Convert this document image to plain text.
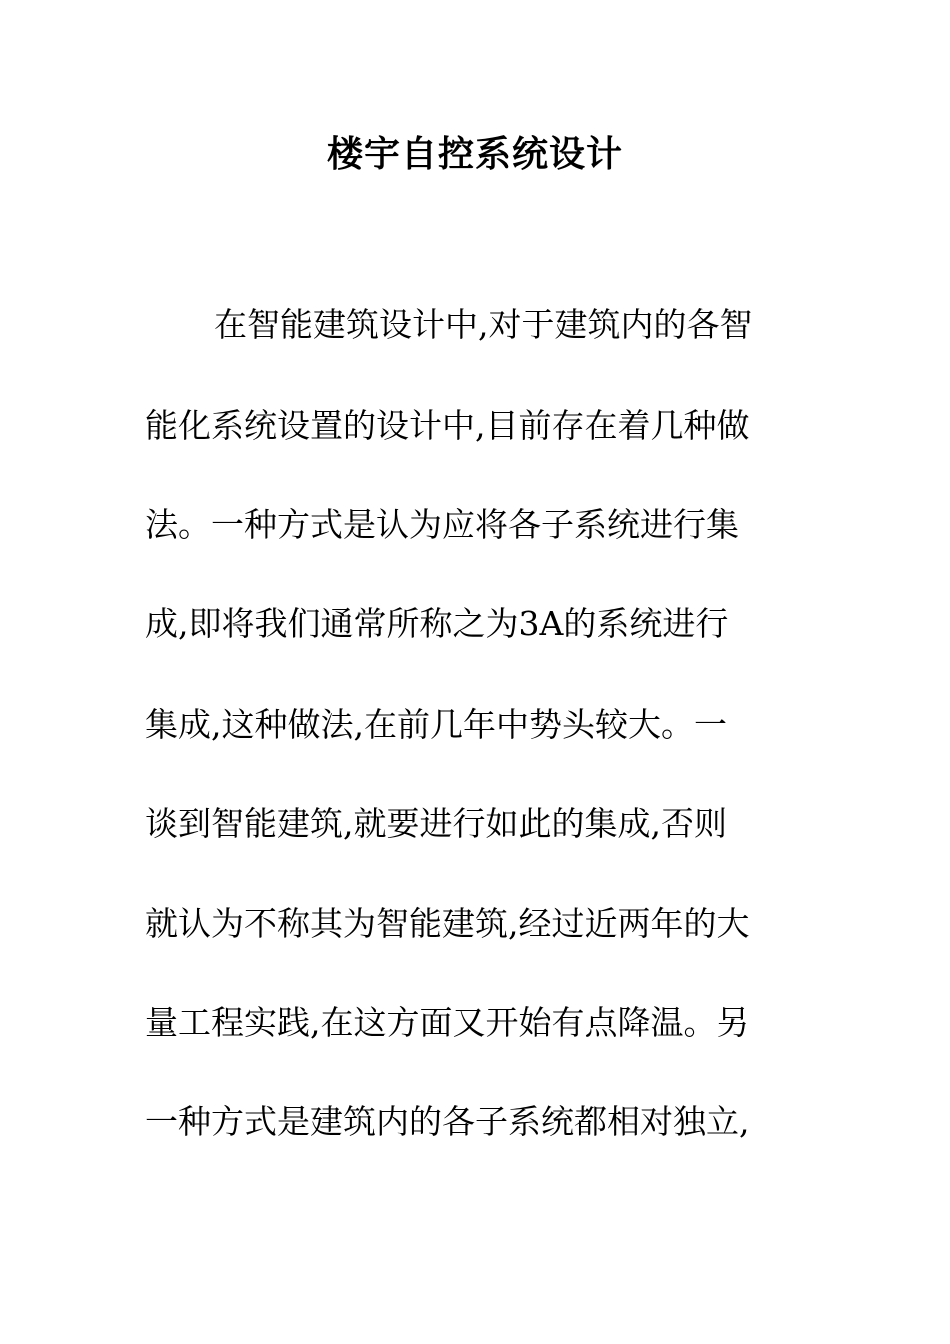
楼宇自控系统设计

在智能建筑设计中,对于建筑内的各智

能化系统设置的设计中,目前存在着几种做

法。一种方式是认为应将各子系统进行集

成,即将我们通常所称之为3A的系统进行

集成,这种做法,在前几年中势头较大。一

谈到智能建筑,就要进行如此的集成,否则

就认为不称其为智能建筑,经过近两年的大

量工程实践,在这方面又开始有点降温。另

一种方式是建筑内的各子系统都相对独立,
